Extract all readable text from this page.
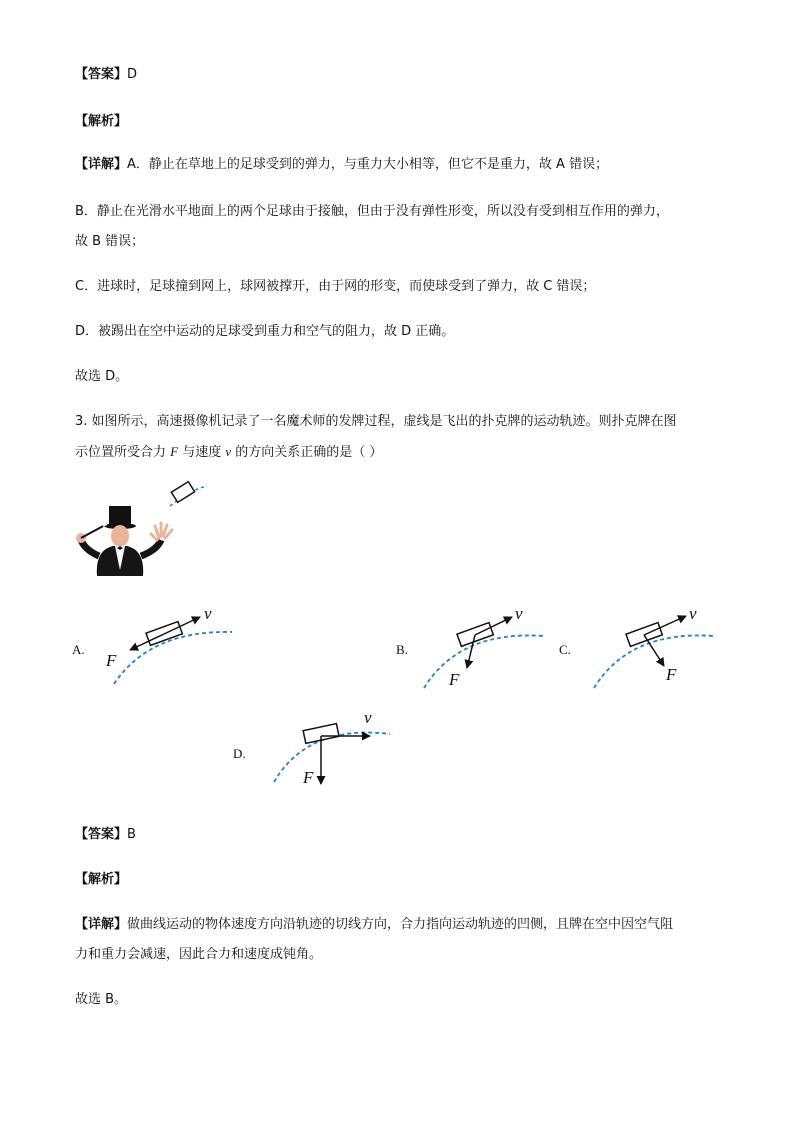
【答案】D
【解析】
【详解】A．静止在草地上的足球受到的弹力，与重力大小相等，但它不是重力，故 A 错误；
B．静止在光滑水平地面上的两个足球由于接触，但由于没有弹性形变，所以没有受到相互作用的弹力，
故 B 错误；
C．进球时，足球撞到网上，球网被撑开，由于网的形变，而使球受到了弹力，故 C 错误；
D．被踢出在空中运动的足球受到重力和空气的阻力，故 D 正确。
故选 D。
3. 如图所示，高速摄像机记录了一名魔术师的发牌过程，虚线是飞出的扑克牌的运动轨迹。则扑克牌在图
示位置所受合力 F 与速度 v 的方向关系正确的是（ ）
A.
v
F
B.
v
F
C.
v
F
D.
v
F
【答案】B
【解析】
【详解】做曲线运动的物体速度方向沿轨迹的切线方向，合力指向运动轨迹的凹侧，且牌在空中因空气阻
力和重力会减速，因此合力和速度成钝角。
故选 B。
